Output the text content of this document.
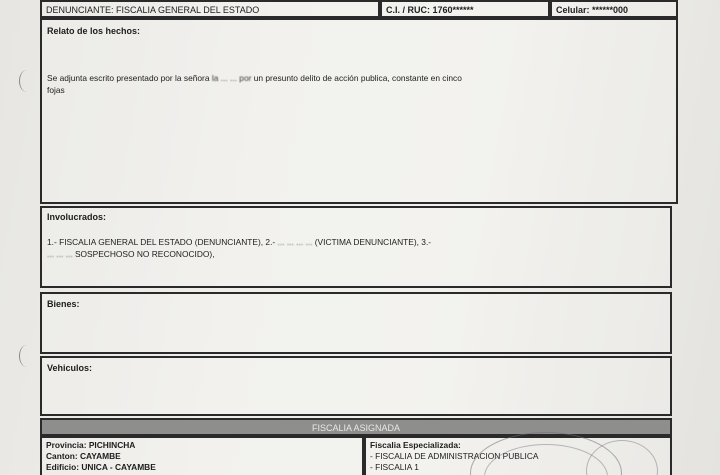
DENUNCIANTE: FISCALIA GENERAL DEL ESTADO	C.I. / RUC: 1760******	Celular: ******000
Relato de los hechos:
Se adjunta escrito presentado por la señora la ... ... por un presunto delito de acción publica, constante en cinco
fojas
Involucrados:
1.- FISCALIA GENERAL DEL ESTADO (DENUNCIANTE), 2.- ... ... ... ... (VICTIMA DENUNCIANTE), 3.-
... ... ... SOSPECHOSO NO RECONOCIDO),
Bienes:
Vehiculos:
FISCALIA ASIGNADA
Provincia: PICHINCHA
Canton: CAYAMBE
Edificio: UNICA - CAYAMBE
Fiscalia Especializada:
- FISCALIA DE ADMINISTRACION PUBLICA
- FISCALIA 1
